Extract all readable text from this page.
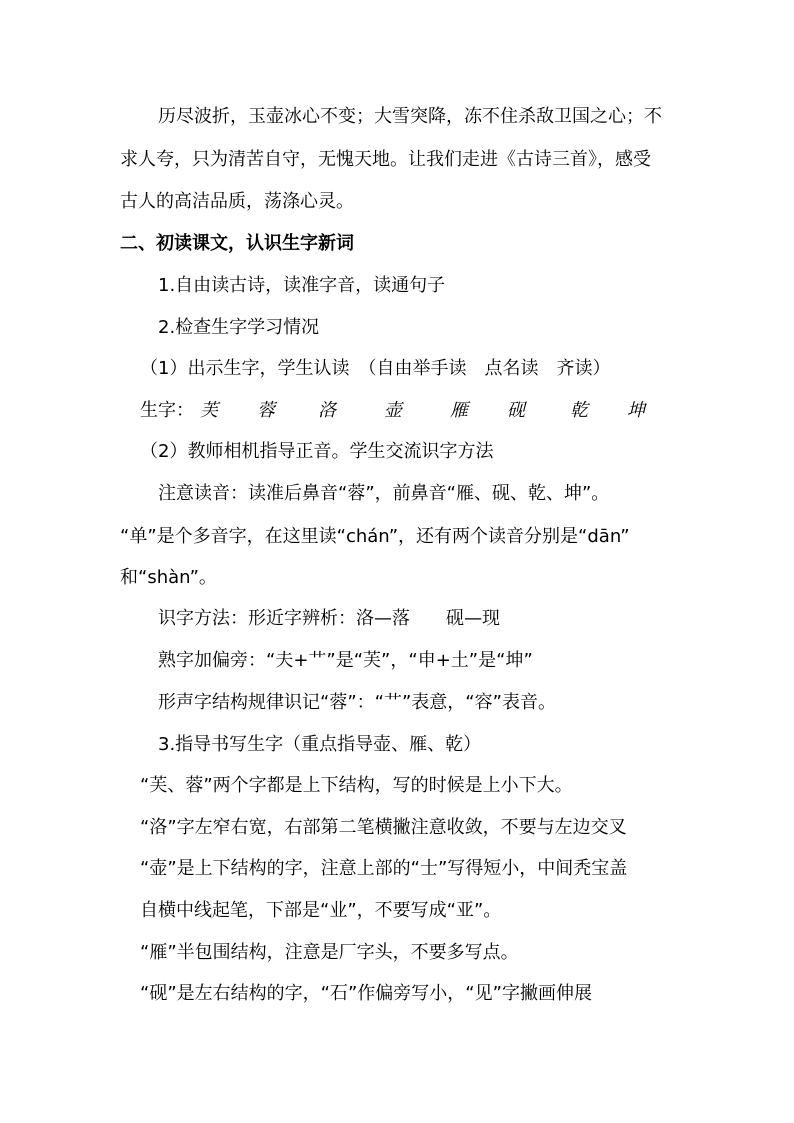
历尽波折，玉壶冰心不变；大雪突降，冻不住杀敌卫国之心；不
求人夸，只为清苦自守，无愧天地。让我们走进《古诗三首》，感受
古人的高洁品质，荡涤心灵。
二、初读课文，认识生字新词
1.自由读古诗，读准字音，读通句子
2.检查生字学习情况
（1）出示生字，学生认读　（自由举手读　点名读　齐读）
生字： 芙 蓉 洛	壶	雁 砚	乾 坤
（2）教师相机指导正音。学生交流识字方法
注意读音：读准后鼻音“蓉”，前鼻音“雁、砚、乾、坤”。
“单”是个多音字，在这里读“chán”，还有两个读音分别是“dān”
和“shàn”。
识字方法：形近字辨析：洛—落　　砚—现
熟字加偏旁：“夫+艹”是“芙”，“申+土”是“坤”
形声字结构规律识记“蓉”：“艹”表意，“容”表音。
3.指导书写生字（重点指导壶、雁、乾）
“芙、蓉”两个字都是上下结构，写的时候是上小下大。
“洛”字左窄右宽，右部第二笔横撇注意收敛，不要与左边交叉
“壶”是上下结构的字，注意上部的“士”写得短小，中间秃宝盖
自横中线起笔，下部是“业”，不要写成“亚”。
“雁”半包围结构，注意是厂字头，不要多写点。
“砚”是左右结构的字，“石”作偏旁写小，“见”字撇画伸展
